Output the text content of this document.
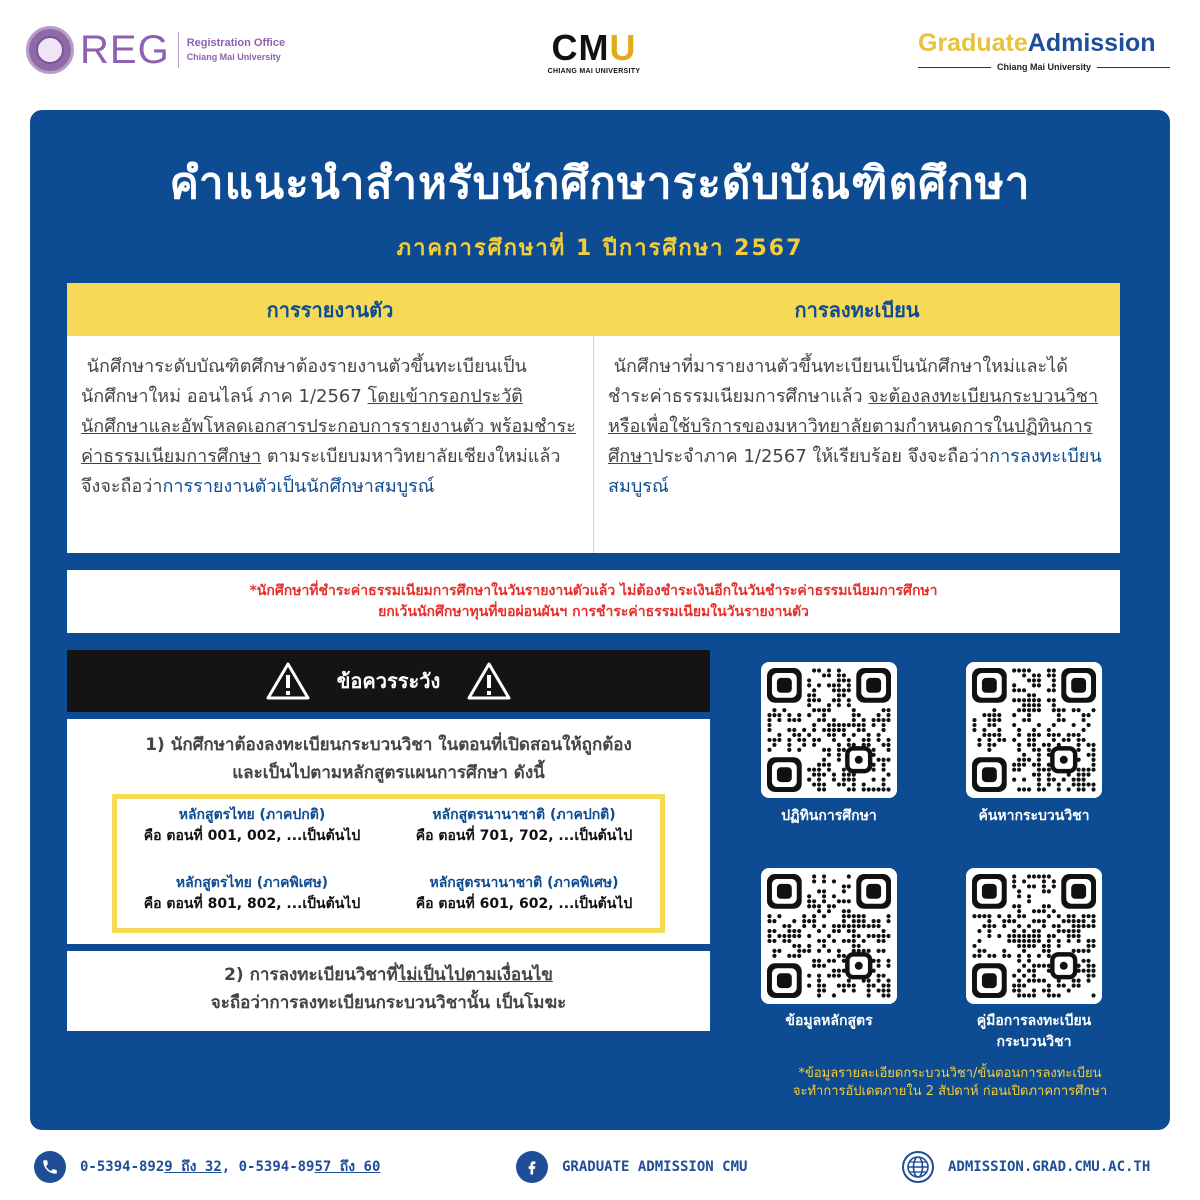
REG Registration Office
Chiang Mai University	CMU
CHIANG MAI UNIVERSITY
GraduateAdmission
Chiang Mai University
คำแนะนำสำหรับนักศึกษาระดับบัณฑิตศึกษา
ภาคการศึกษาที่ 1 ปีการศึกษา 2567
การรายงานตัว
นักศึกษาระดับบัณฑิตศึกษาต้องรายงานตัวขึ้นทะเบียนเป็นนักศึกษาใหม่ ออนไลน์ ภาค 1/2567 โดยเข้ากรอกประวัตินักศึกษาและอัพโหลดเอกสารประกอบการรายงานตัว พร้อมชำระค่าธรรมเนียมการศึกษา ตามระเบียบมหาวิทยาลัยเชียงใหม่แล้ว จึงจะถือว่าการรายงานตัวเป็นนักศึกษาสมบูรณ์
การลงทะเบียน
นักศึกษาที่มารายงานตัวขึ้นทะเบียนเป็นนักศึกษาใหม่และได้ชำระค่าธรรมเนียมการศึกษาแล้ว จะต้องลงทะเบียนกระบวนวิชาหรือเพื่อใช้บริการของมหาวิทยาลัยตามกำหนดการในปฏิทินการศึกษาประจำภาค 1/2567 ให้เรียบร้อย จึงจะถือว่าการลงทะเบียนสมบูรณ์
*นักศึกษาที่ชำระค่าธรรมเนียมการศึกษาในวันรายงานตัวแล้ว ไม่ต้องชำระเงินอีกในวันชำระค่าธรรมเนียมการศึกษา
ยกเว้นนักศึกษาทุนที่ขอผ่อนผันฯ การชำระค่าธรรมเนียมในวันรายงานตัว
ข้อควรระวัง
1) นักศึกษาต้องลงทะเบียนกระบวนวิชา ในตอนที่เปิดสอนให้ถูกต้อง
และเป็นไปตามหลักสูตรแผนการศึกษา ดังนี้
หลักสูตรไทย (ภาคปกติ)
คือ ตอนที่ 001, 002, ...เป็นต้นไป
หลักสูตรนานาชาติ (ภาคปกติ)
คือ ตอนที่ 701, 702, ...เป็นต้นไป
หลักสูตรไทย (ภาคพิเศษ)
คือ ตอนที่ 801, 802, ...เป็นต้นไป
หลักสูตรนานาชาติ (ภาคพิเศษ)
คือ ตอนที่ 601, 602, ...เป็นต้นไป
2) การลงทะเบียนวิชาที่ไม่เป็นไปตามเงื่อนไข
จะถือว่าการลงทะเบียนกระบวนวิชานั้น เป็นโมฆะ
ปฏิทินการศึกษา	ค้นหากระบวนวิชา
ข้อมูลหลักสูตร	คู่มือการลงทะเบียน
กระบวนวิชา
*ข้อมูลรายละเอียดกระบวนวิชา/ขั้นตอนการลงทะเบียน
จะทำการอัปเดตภายใน 2 สัปดาห์ ก่อนเปิดภาคการศึกษา
0-5394-8929 ถึง 32, 0-5394-8957 ถึง 60	GRADUATE ADMISSION CMU	ADMISSION.GRAD.CMU.AC.TH
